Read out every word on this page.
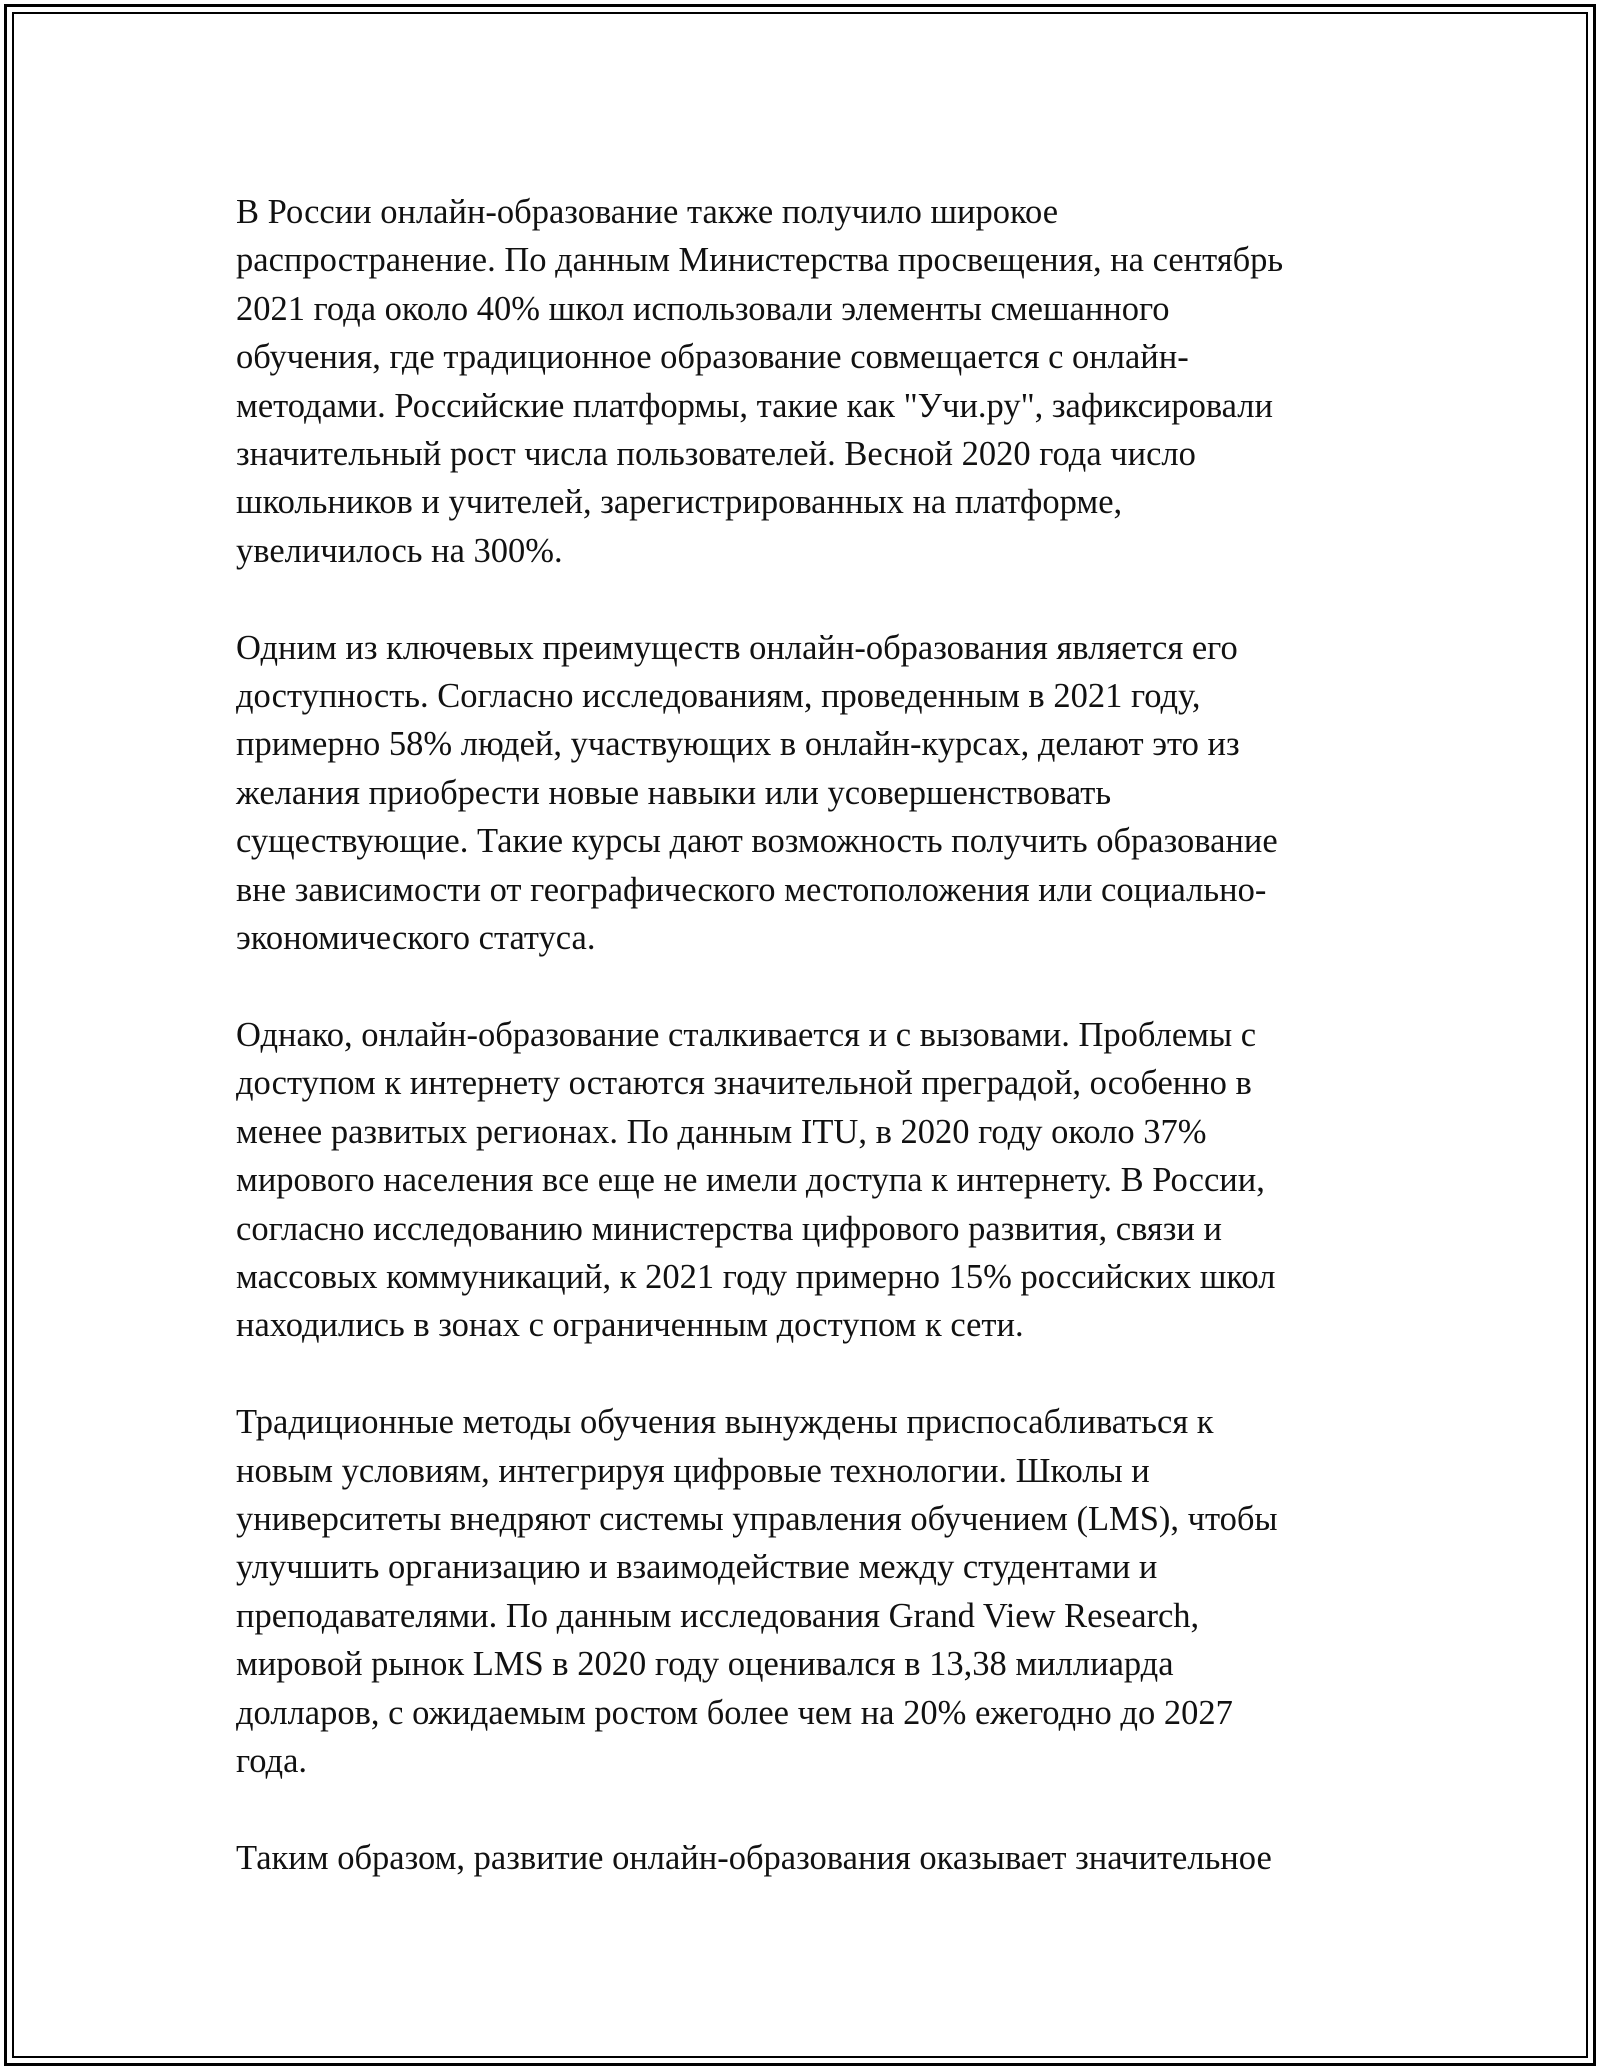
В России онлайн-образование также получило широкое
распространение. По данным Министерства просвещения, на сентябрь
2021 года около 40% школ использовали элементы смешанного
обучения, где традиционное образование совмещается с онлайн-
методами. Российские платформы, такие как "Учи.ру", зафиксировали
значительный рост числа пользователей. Весной 2020 года число
школьников и учителей, зарегистрированных на платформе,
увеличилось на 300%.

Одним из ключевых преимуществ онлайн-образования является его
доступность. Согласно исследованиям, проведенным в 2021 году,
примерно 58% людей, участвующих в онлайн-курсах, делают это из
желания приобрести новые навыки или усовершенствовать
существующие. Такие курсы дают возможность получить образование
вне зависимости от географического местоположения или социально-
экономического статуса.

Однако, онлайн-образование сталкивается и с вызовами. Проблемы с
доступом к интернету остаются значительной преградой, особенно в
менее развитых регионах. По данным ITU, в 2020 году около 37%
мирового населения все еще не имели доступа к интернету. В России,
согласно исследованию министерства цифрового развития, связи и
массовых коммуникаций, к 2021 году примерно 15% российских школ
находились в зонах с ограниченным доступом к сети.

Традиционные методы обучения вынуждены приспосабливаться к
новым условиям, интегрируя цифровые технологии. Школы и
университеты внедряют системы управления обучением (LMS), чтобы
улучшить организацию и взаимодействие между студентами и
преподавателями. По данным исследования Grand View Research,
мировой рынок LMS в 2020 году оценивался в 13,38 миллиарда
долларов, с ожидаемым ростом более чем на 20% ежегодно до 2027
года.

Таким образом, развитие онлайн-образования оказывает значительное
